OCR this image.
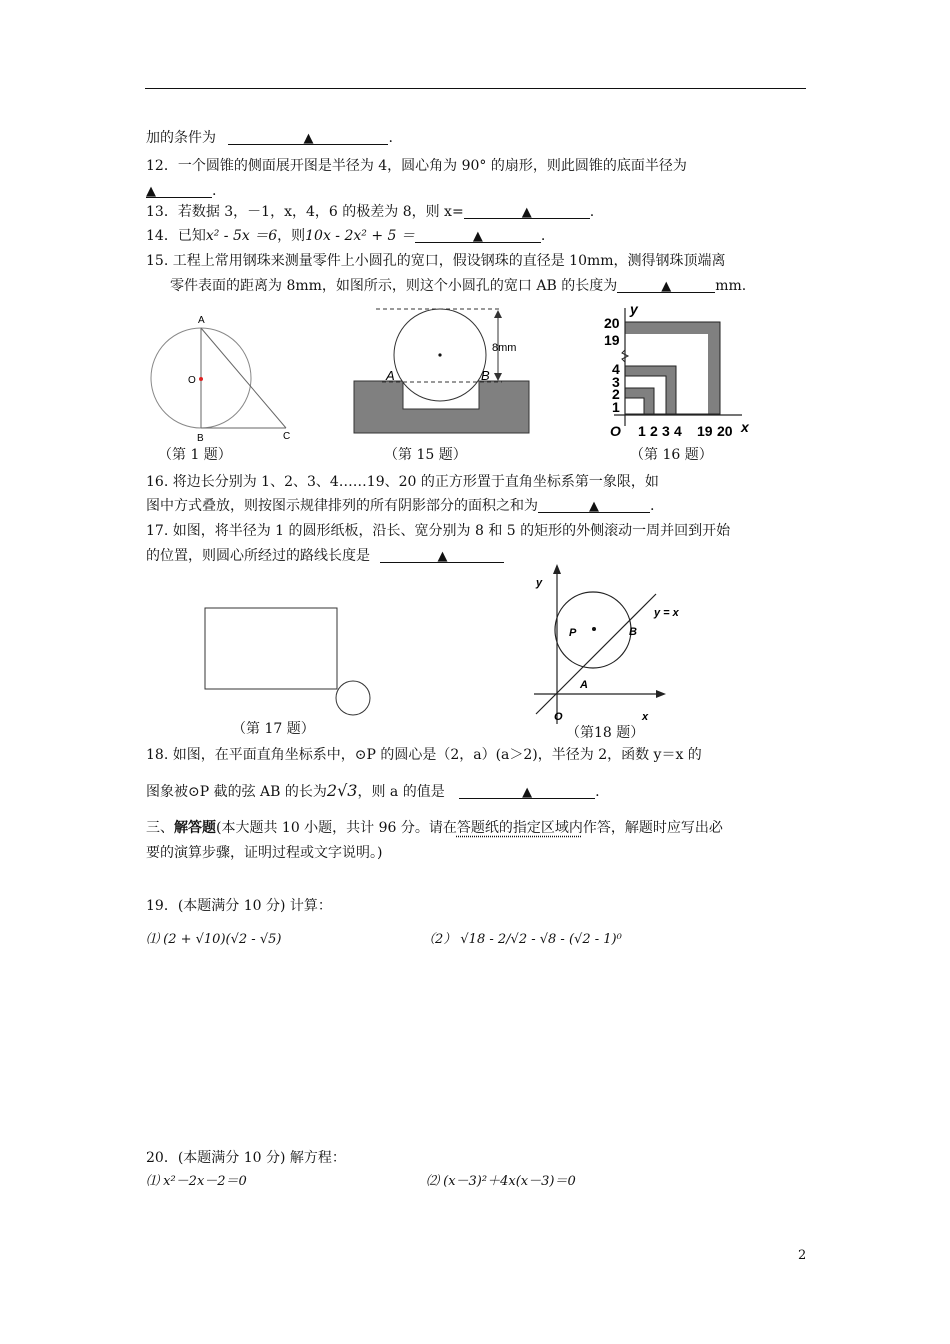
加的条件为	▲	.
12．一个圆锥的侧面展开图是半径为 4，圆心角为 90° 的扇形，则此圆锥的底面半径为
▲	.
13．若数据 3，－1，x，4，6 的极差为 8，则 x=	▲	.
14．已知x² - 5x ＝6，则10x - 2x² + 5 ＝	▲	.
15. 工程上常用钢珠来测量零件上小圆孔的宽口，假设钢珠的直径是 10mm，测得钢珠顶端离
零件表面的距离为 8mm，如图所示，则这个小圆孔的宽口 AB 的长度为	▲	mm.
A
O
B	C
（第 1 题）
8mm
A	B
（第 15 题）
y
x
O
20
19
4
3
2
1
1 2 3 4 19 20
（第 16 题）
16. 将边长分别为 1、2、3、4……19、20 的正方形置于直角坐标系第一象限，如
图中方式叠放，则按图示规律排列的所有阴影部分的面积之和为	▲	.
17. 如图，将半径为 1 的圆形纸板，沿长、宽分别为 8 和 5 的矩形的外侧滚动一周并回到开始
的位置，则圆心所经过的路线长度是	▲
（第 17 题）
y
x
O
P
A
B
y = x
（第18 题）
18. 如图，在平面直角坐标系中，⊙P 的圆心是（2，a）(a＞2)，半径为 2，函数 y＝x 的
图象被⊙P 截的弦 AB 的长为2√3，则 a 的值是	▲	.
三、解答题(本大题共 10 小题，共计 96 分。请在答题纸的指定区域内作答，解题时应写出必
要的演算步骤，证明过程或文字说明。)
19．(本题满分 10 分) 计算：
⑴ (2 + √10)(√2 - √5)	（2） √18 - 2/√2 - √8 - (√2 - 1)⁰
20．(本题满分 10 分) 解方程：
⑴ x²－2x－2＝0	⑵ (x－3)²＋4x(x－3)＝0
2
